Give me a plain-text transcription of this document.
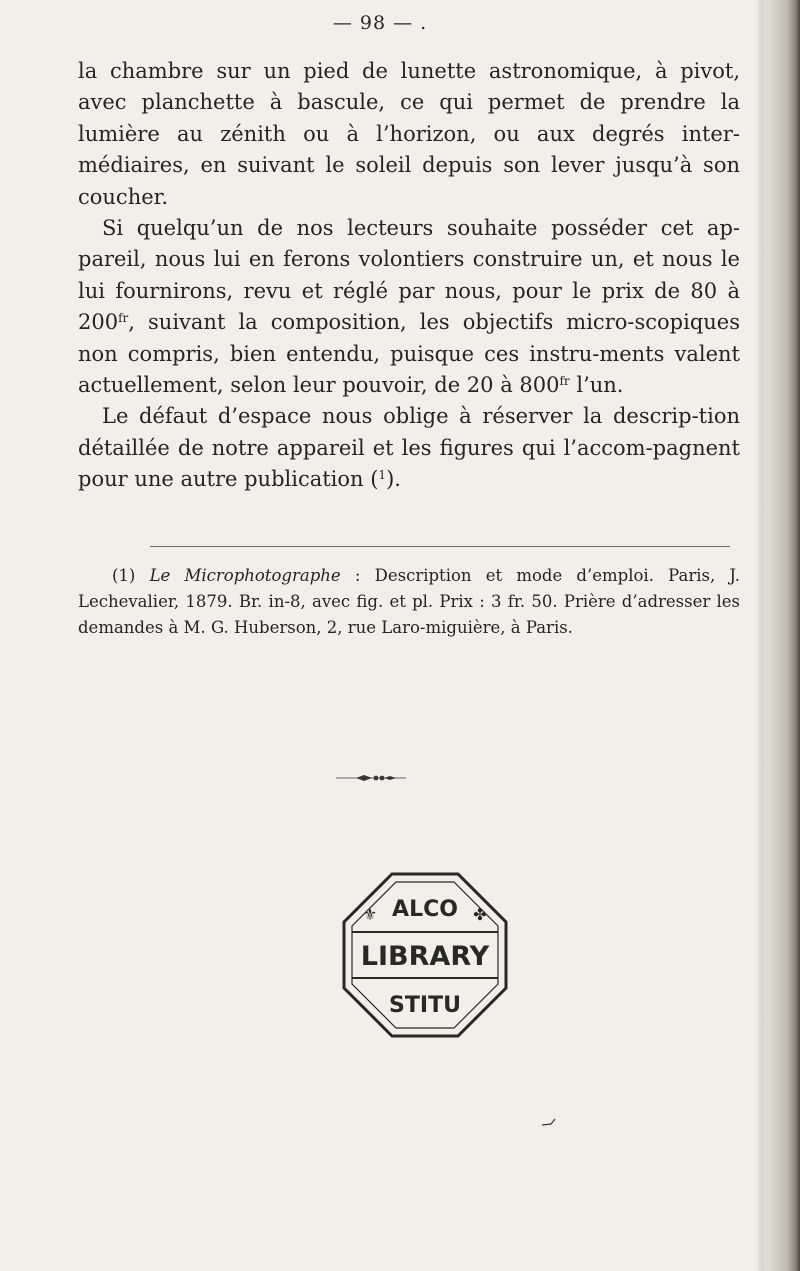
— 98 — .

la chambre sur un pied de lunette astronomique, à pivot, avec planchette à bascule, ce qui permet de prendre la lumière au zénith ou à l’horizon, ou aux degrés inter-médiaires, en suivant le soleil depuis son lever jusqu’à son coucher.

Si quelqu’un de nos lecteurs souhaite posséder cet ap-pareil, nous lui en ferons volontiers construire un, et nous le lui fournirons, revu et réglé par nous, pour le prix de 80 à $200^{fr}$, suivant la composition, les objectifs micro-scopiques non compris, bien entendu, puisque ces instru-ments valent actuellement, selon leur pouvoir, de 20 à $800^{fr}$ l’un.

Le défaut d’espace nous oblige à réserver la descrip-tion détaillée de notre appareil et les figures qui l’accom-pagnent pour une autre publication ($^1$).

(1) Le Microphotographe : Description et mode d’emploi. Paris, J. Lechevalier, 1879. Br. in-8, avec fig. et pl. Prix : 3 fr. 50. Prière d’adresser les demandes à M. G. Huberson, 2, rue Laro-miguière, à Paris.

ALCO
LIBRARY
STITU
⚜	✤
